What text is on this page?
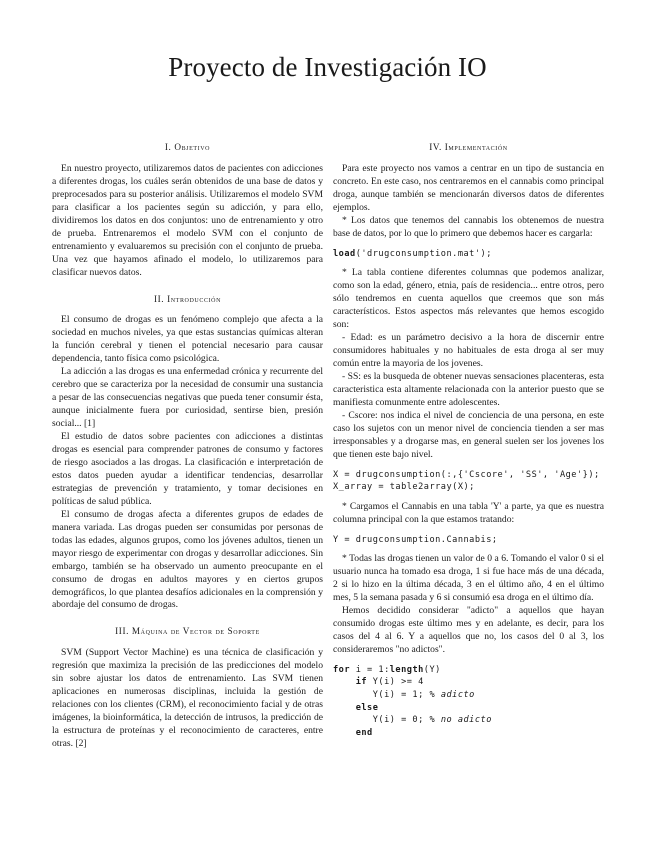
Proyecto de Investigación IO
I. Objetivo

En nuestro proyecto, utilizaremos datos de pacientes con adicciones a diferentes drogas, los cuáles serán obtenidos de una base de datos y preprocesados para su posterior análisis. Utilizaremos el modelo SVM para clasificar a los pacientes según su adicción, y para ello, dividiremos los datos en dos conjuntos: uno de entrenamiento y otro de prueba. Entrenaremos el modelo SVM con el conjunto de entrenamiento y evaluaremos su precisión con el conjunto de prueba. Una vez que hayamos afinado el modelo, lo utilizaremos para clasificar nuevos datos.

II. Introducción

El consumo de drogas es un fenómeno complejo que afecta a la sociedad en muchos niveles, ya que estas sustancias químicas alteran la función cerebral y tienen el potencial necesario para causar dependencia, tanto física como psicológica.

La adicción a las drogas es una enfermedad crónica y recurrente del cerebro que se caracteriza por la necesidad de consumir una sustancia a pesar de las consecuencias negativas que pueda tener consumir ésta, aunque inicialmente fuera por curiosidad, sentirse bien, presión social... [1]

El estudio de datos sobre pacientes con adicciones a distintas drogas es esencial para comprender patrones de consumo y factores de riesgo asociados a las drogas. La clasificación e interpretación de estos datos pueden ayudar a identificar tendencias, desarrollar estrategias de prevención y tratamiento, y tomar decisiones en políticas de salud pública.

El consumo de drogas afecta a diferentes grupos de edades de manera variada. Las drogas pueden ser consumidas por personas de todas las edades, algunos grupos, como los jóvenes adultos, tienen un mayor riesgo de experimentar con drogas y desarrollar adicciones. Sin embargo, también se ha observado un aumento preocupante en el consumo de drogas en adultos mayores y en ciertos grupos demográficos, lo que plantea desafíos adicionales en la comprensión y abordaje del consumo de drogas.

III. Máquina de Vector de Soporte

SVM (Support Vector Machine) es una técnica de clasificación y regresión que maximiza la precisión de las predicciones del modelo sin sobre ajustar los datos de entrenamiento. Las SVM tienen aplicaciones en numerosas disciplinas, incluida la gestión de relaciones con los clientes (CRM), el reconocimiento facial y de otras imágenes, la bioinformática, la detección de intrusos, la predicción de la estructura de proteínas y el reconocimiento de caracteres, entre otras. [2]

IV. Implementación

Para este proyecto nos vamos a centrar en un tipo de sustancia en concreto. En este caso, nos centraremos en el cannabis como principal droga, aunque también se mencionarán diversos datos de diferentes ejemplos.

* Los datos que tenemos del cannabis los obtenemos de nuestra base de datos, por lo que lo primero que debemos hacer es cargarla:

load('drugconsumption.mat');

* La tabla contiene diferentes columnas que podemos analizar, como son la edad, género, etnia, país de residencia... entre otros, pero sólo tendremos en cuenta aquellos que creemos que son más característicos. Estos aspectos más relevantes que hemos escogido son:

- Edad: es un parámetro decisivo a la hora de discernir entre consumidores habituales y no habituales de esta droga al ser muy común entre la mayoria de los jovenes.

- SS: es la busqueda de obtener nuevas sensaciones placenteras, esta caracteristica esta altamente relacionada con la anterior puesto que se manifiesta comunmente entre adolescentes.

- Cscore: nos indica el nivel de conciencia de una persona, en este caso los sujetos con un menor nivel de conciencia tienden a ser mas irresponsables y a drogarse mas, en general suelen ser los jovenes los que tienen este bajo nivel.

X = drugconsumption(:,{'Cscore', 'SS', 'Age'});
X_array = table2array(X);

* Cargamos el Cannabis en una tabla 'Y' a parte, ya que es nuestra columna principal con la que estamos tratando:

Y = drugconsumption.Cannabis;

* Todas las drogas tienen un valor de 0 a 6. Tomando el valor 0 si el usuario nunca ha tomado esa droga, 1 si fue hace más de una década, 2 si lo hizo en la última década, 3 en el último año, 4 en el último mes, 5 la semana pasada y 6 si consumió esa droga en el último día.

Hemos decidido considerar "adicto" a aquellos que hayan consumido drogas este último mes y en adelante, es decir, para los casos del 4 al 6. Y a aquellos que no, los casos del 0 al 3, los consideraremos "no adictos".

for i = 1:length(Y)
if Y(i) >= 4
Y(i) = 1; % adicto
else
Y(i) = 0; % no adicto
end
